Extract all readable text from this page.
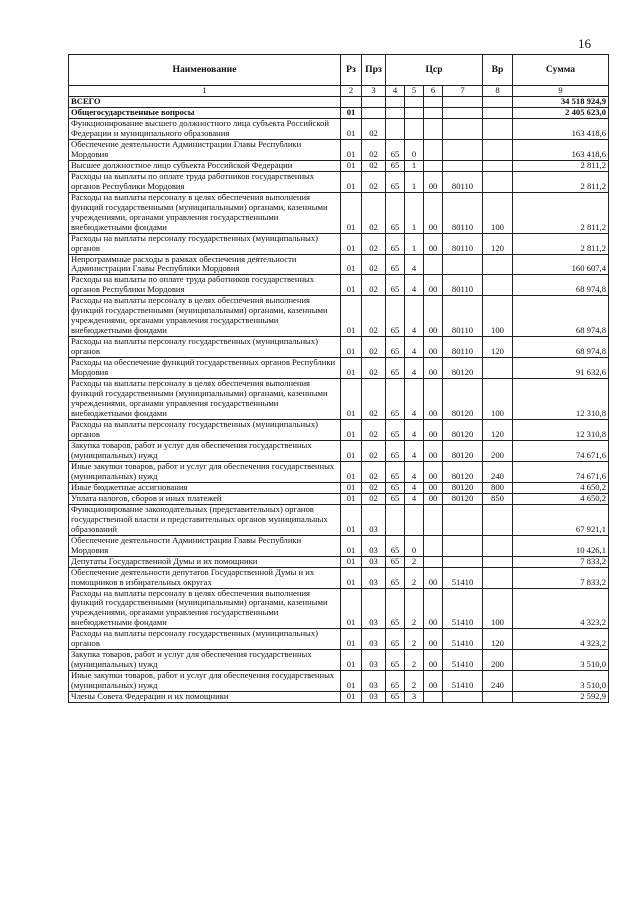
16
Наименование	Рз	Прз	Цср				Вр	Сумма
1	2	3	4	5	6	7	8	9
ВСЕГО								34 518 924,9
Общегосударственные вопросы	01							2 405 623,0
Функционирование высшего должностного лица субъекта Российской Федерации и муниципального образования	01	02						163 418,6
Обеспечение деятельности Администрации Главы Республики Мордовия	01	02	65	0				163 418,6
Высшее должностное лицо субъекта Российской Федерации	01	02	65	1				2 811,2
Расходы на выплаты по оплате труда работников государственных органов Республики Мордовия	01	02	65	1	00	80110		2 811,2
Расходы на выплаты персоналу в целях обеспечения выполнения функций государственными (муниципальными) органами, казенными учреждениями, органами управления государственными внебюджетными фондами	01	02	65	1	00	80110	100	2 811,2
Расходы на выплаты персоналу государственных (муниципальных) органов	01	02	65	1	00	80110	120	2 811,2
Непрограммные расходы в рамках обеспечения деятельности Администрации Главы Республики Мордовия	01	02	65	4				160 607,4
Расходы на выплаты по оплате труда работников государственных органов Республики Мордовия	01	02	65	4	00	80110		68 974,8
Расходы на выплаты персоналу в целях обеспечения выполнения функций государственными (муниципальными) органами, казенными учреждениями, органами управления государственными внебюджетными фондами	01	02	65	4	00	80110	100	68 974,8
Расходы на выплаты персоналу государственных (муниципальных) органов	01	02	65	4	00	80110	120	68 974,8
Расходы на обеспечение функций государственных органов Республики Мордовия	01	02	65	4	00	80120		91 632,6
Расходы на выплаты персоналу в целях обеспечения выполнения функций государственными (муниципальными) органами, казенными учреждениями, органами управления государственными внебюджетными фондами	01	02	65	4	00	80120	100	12 310,8
Расходы на выплаты персоналу государственных (муниципальных) органов	01	02	65	4	00	80120	120	12 310,8
Закупка товаров, работ и услуг для обеспечения государственных (муниципальных) нужд	01	02	65	4	00	80120	200	74 671,6
Иные закупки товаров, работ и услуг для обеспечения государственных (муниципальных) нужд	01	02	65	4	00	80120	240	74 671,6
Иные бюджетные ассигнования	01	02	65	4	00	80120	800	4 650,2
Уплата налогов, сборов и иных платежей	01	02	65	4	00	80120	850	4 650,2
Функционирование законодательных (представительных) органов государственной власти и представительных органов муниципальных образований	01	03						67 921,1
Обеспечение деятельности Администрации Главы Республики Мордовия	01	03	65	0				10 426,1
Депутаты Государственной Думы и их помощники	01	03	65	2				7 833,2
Обеспечение деятельности депутатов Государственной Думы и их помощников в избирательных округах	01	03	65	2	00	51410		7 833,2
Расходы на выплаты персоналу в целях обеспечения выполнения функций государственными (муниципальными) органами, казенными учреждениями, органами управления государственными внебюджетными фондами	01	03	65	2	00	51410	100	4 323,2
Расходы на выплаты персоналу государственных (муниципальных) органов	01	03	65	2	00	51410	120	4 323,2
Закупка товаров, работ и услуг для обеспечения государственных (муниципальных) нужд	01	03	65	2	00	51410	200	3 510,0
Иные закупки товаров, работ и услуг для обеспечения государственных (муниципальных) нужд	01	03	65	2	00	51410	240	3 510,0
Члены Совета Федерации и их помощники	01	03	65	3				2 592,9
